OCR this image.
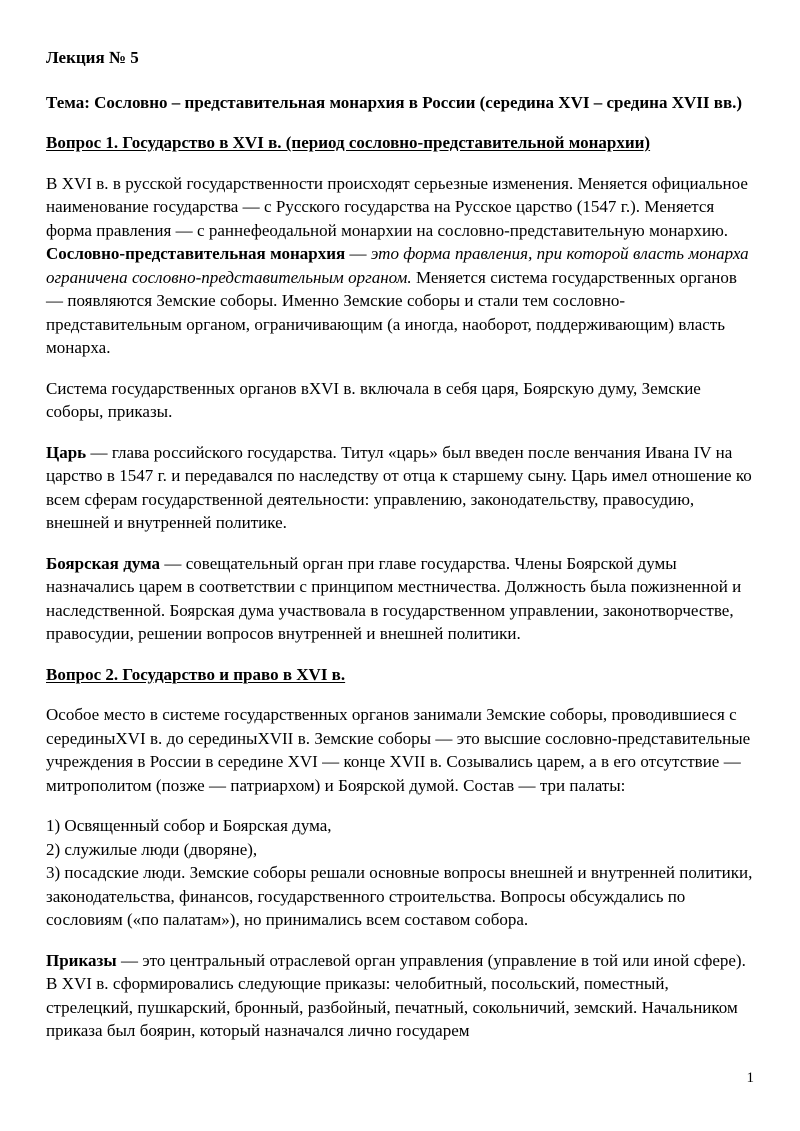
Лекция № 5
Тема: Сословно – представительная монархия в России (середина XVI – средина XVII вв.)
Вопрос 1. Государство в XVI в. (период сословно-представительной монархии)

В XVI в. в русской государственности происходят серьезные изменения. Меняется официальное наименование государства — с Русского государства на Русское царство (1547 г.). Меняется форма правления — с раннефеодальной монархии на сословно-представительную монархию. Сословно-представительная монархия — это форма правления, при которой власть монарха ограничена сословно-представительным органом. Меняется система государственных органов — появляются Земские соборы. Именно Земские соборы и стали тем сословно-представительным органом, ограничивающим (а иногда, наоборот, поддерживающим) власть монарха.

Система государственных органов вXVI в. включала в себя царя, Боярскую думу, Земские соборы, приказы.

Царь — глава российского государства. Титул «царь» был введен после венчания Ивана IV на царство в 1547 г. и передавался по наследству от отца к старшему сыну. Царь имел отношение ко всем сферам государственной деятельности: управлению, законодательству, правосудию, внешней и внутренней политике.

Боярская дума — совещательный орган при главе государства. Члены Боярской думы назначались царем в соответствии с принципом местничества. Должность была пожизненной и наследственной. Боярская дума участвовала в государственном управлении, законотворчестве, правосудии, решении вопросов внутренней и внешней политики.

Вопрос 2. Государство и право в XVI в.

Особое место в системе государственных органов занимали Земские соборы, проводившиеся с серединыXVI в. до серединыXVII в. Земские соборы — это высшие сословно-представительные учреждения в России в середине XVI — конце XVII в. Созывались царем, а в его отсутствие — митрополитом (позже — патриархом) и Боярской думой. Состав — три палаты:

1) Освященный собор и Боярская дума,
2) служилые люди (дворяне),
3) посадские люди. Земские соборы решали основные вопросы внешней и внутренней политики, законодательства, финансов, государственного строительства. Вопросы обсуждались по сословиям («по палатам»), но принимались всем составом собора.

Приказы — это центральный отраслевой орган управления (управление в той или иной сфере). В XVI в. сформировались следующие приказы: челобитный, посольский, поместный, стрелецкий, пушкарский, бронный, разбойный, печатный, сокольничий, земский. Начальником приказа был боярин, который назначался лично государем

1
